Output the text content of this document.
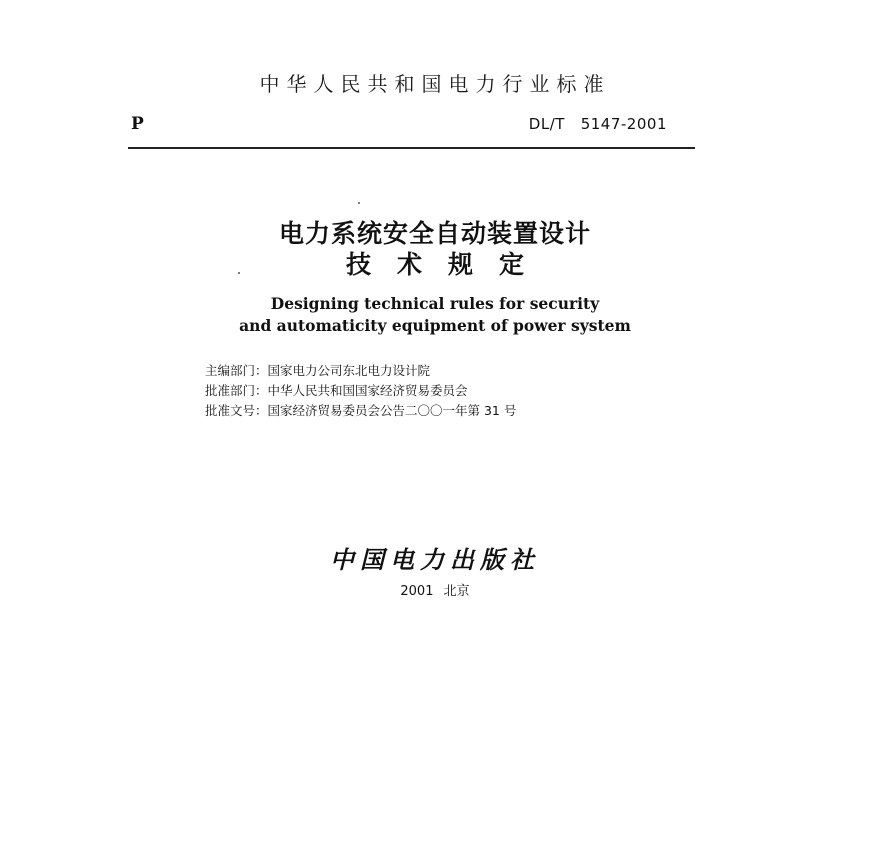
中华人民共和国电力行业标准
P	DL/T   5147-2001
电力系统安全自动装置设计
技术规定
Designing technical rules for security
and automaticity equipment of power system
主编部门：国家电力公司东北电力设计院
批准部门：中华人民共和国国家经济贸易委员会
批准文号：国家经济贸易委员会公告二〇〇一年第 31 号
中国电力出版社
2001 北京
